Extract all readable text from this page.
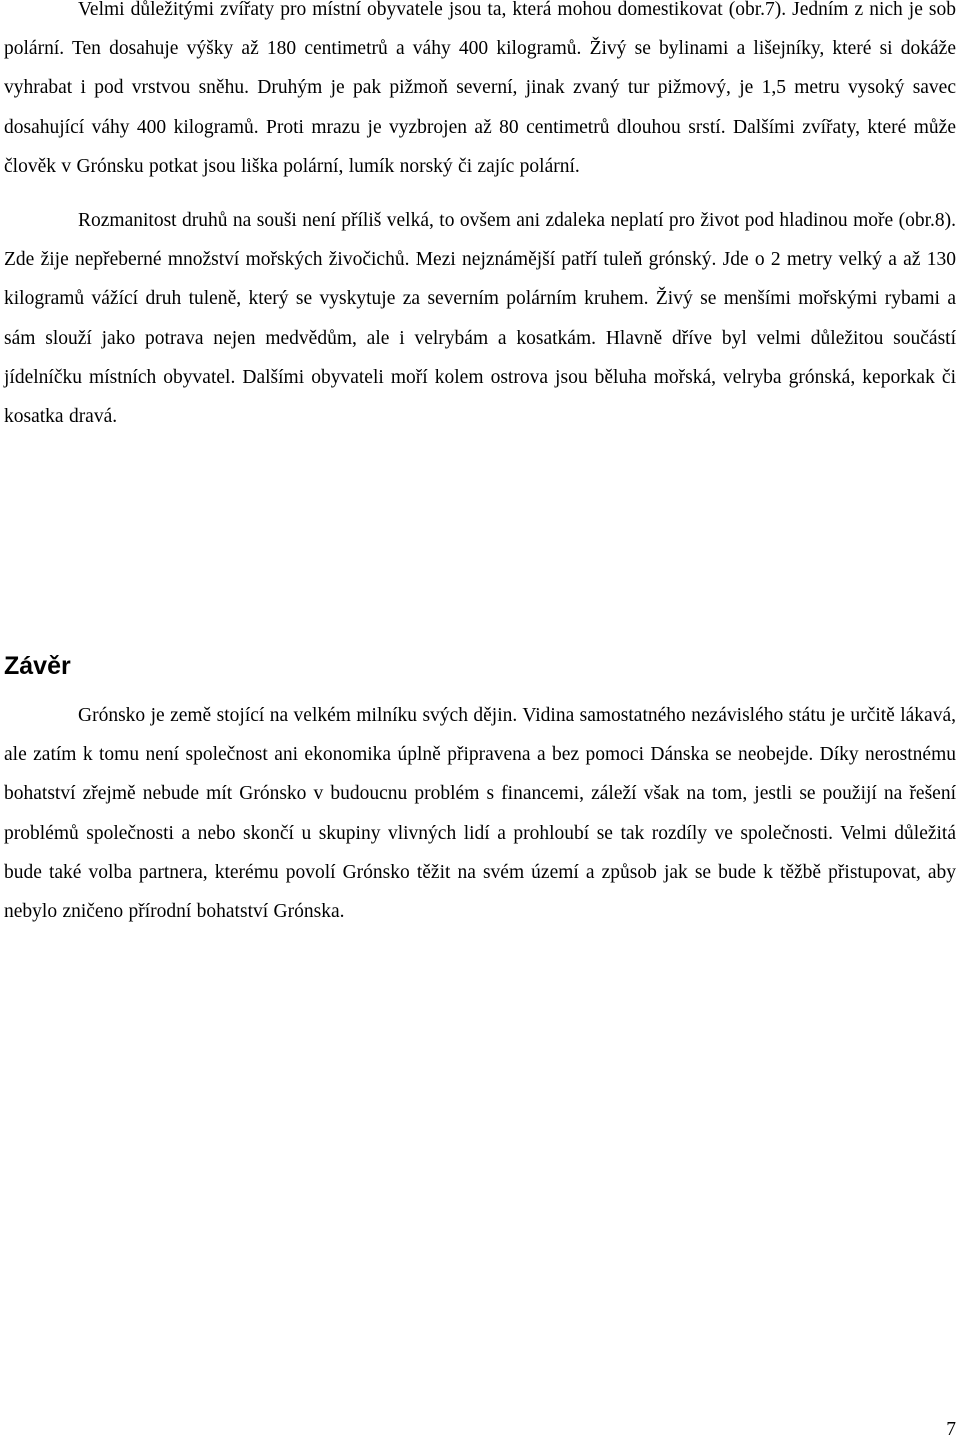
Velmi důležitými zvířaty pro místní obyvatele jsou ta, která mohou domestikovat (obr.7). Jedním z nich je sob polární. Ten dosahuje výšky až 180 centimetrů a váhy 400 kilogramů. Živý se bylinami a lišejníky, které si dokáže vyhrabat i pod vrstvou sněhu. Druhým je pak pižmoň severní, jinak zvaný tur pižmový, je 1,5 metru vysoký savec dosahující váhy 400 kilogramů. Proti mrazu je vyzbrojen až 80 centimetrů dlouhou srstí. Dalšími zvířaty, které může člověk v Grónsku potkat jsou liška polární, lumík norský či zajíc polární.

Rozmanitost druhů na souši není příliš velká, to ovšem ani zdaleka neplatí pro život pod hladinou moře (obr.8). Zde žije nepřeberné množství mořských živočichů. Mezi nejznámější patří tuleň grónský. Jde o 2 metry velký a až 130 kilogramů vážící druh tuleně, který se vyskytuje za severním polárním kruhem. Živý se menšími mořskými rybami a sám slouží jako potrava nejen medvědům, ale i velrybám a kosatkám. Hlavně dříve byl velmi důležitou součástí jídelníčku místních obyvatel. Dalšími obyvateli moří kolem ostrova jsou běluha mořská, velryba grónská, keporkak či kosatka dravá.

Závěr

Grónsko je země stojící na velkém milníku svých dějin. Vidina samostatného nezávislého státu je určitě lákavá, ale zatím k tomu není společnost ani ekonomika úplně připravena a bez pomoci Dánska se neobejde. Díky nerostnému bohatství zřejmě nebude mít Grónsko v budoucnu problém s financemi, záleží však na tom, jestli se použijí na řešení problémů společnosti a nebo skončí u skupiny vlivných lidí a prohloubí se tak rozdíly ve společnosti. Velmi důležitá bude také volba partnera, kterému povolí Grónsko těžit na svém území a způsob jak se bude k těžbě přistupovat, aby nebylo zničeno přírodní bohatství Grónska.

7
